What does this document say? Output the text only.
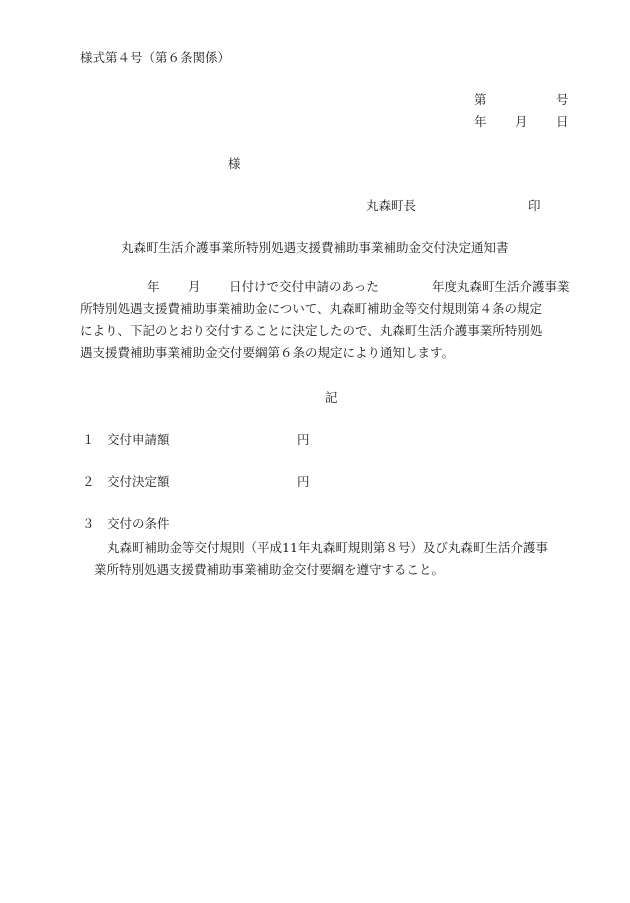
様式第４号（第６条関係）
第	号
年 月 日
様
丸森町長	印
丸森町生活介護事業所特別処遇支援費補助事業補助金交付決定通知書
年 月 日付けで交付申請のあった	年度丸森町生活介護事業
所特別処遇支援費補助事業補助金について、丸森町補助金等交付規則第４条の規定
により、下記のとおり交付することに決定したので、丸森町生活介護事業所特別処
遇支援費補助事業補助金交付要綱第６条の規定により通知します。
記
１ 交付申請額	円
２ 交付決定額	円
３ 交付の条件
丸森町補助金等交付規則（平成11年丸森町規則第８号）及び丸森町生活介護事
業所特別処遇支援費補助事業補助金交付要綱を遵守すること。
